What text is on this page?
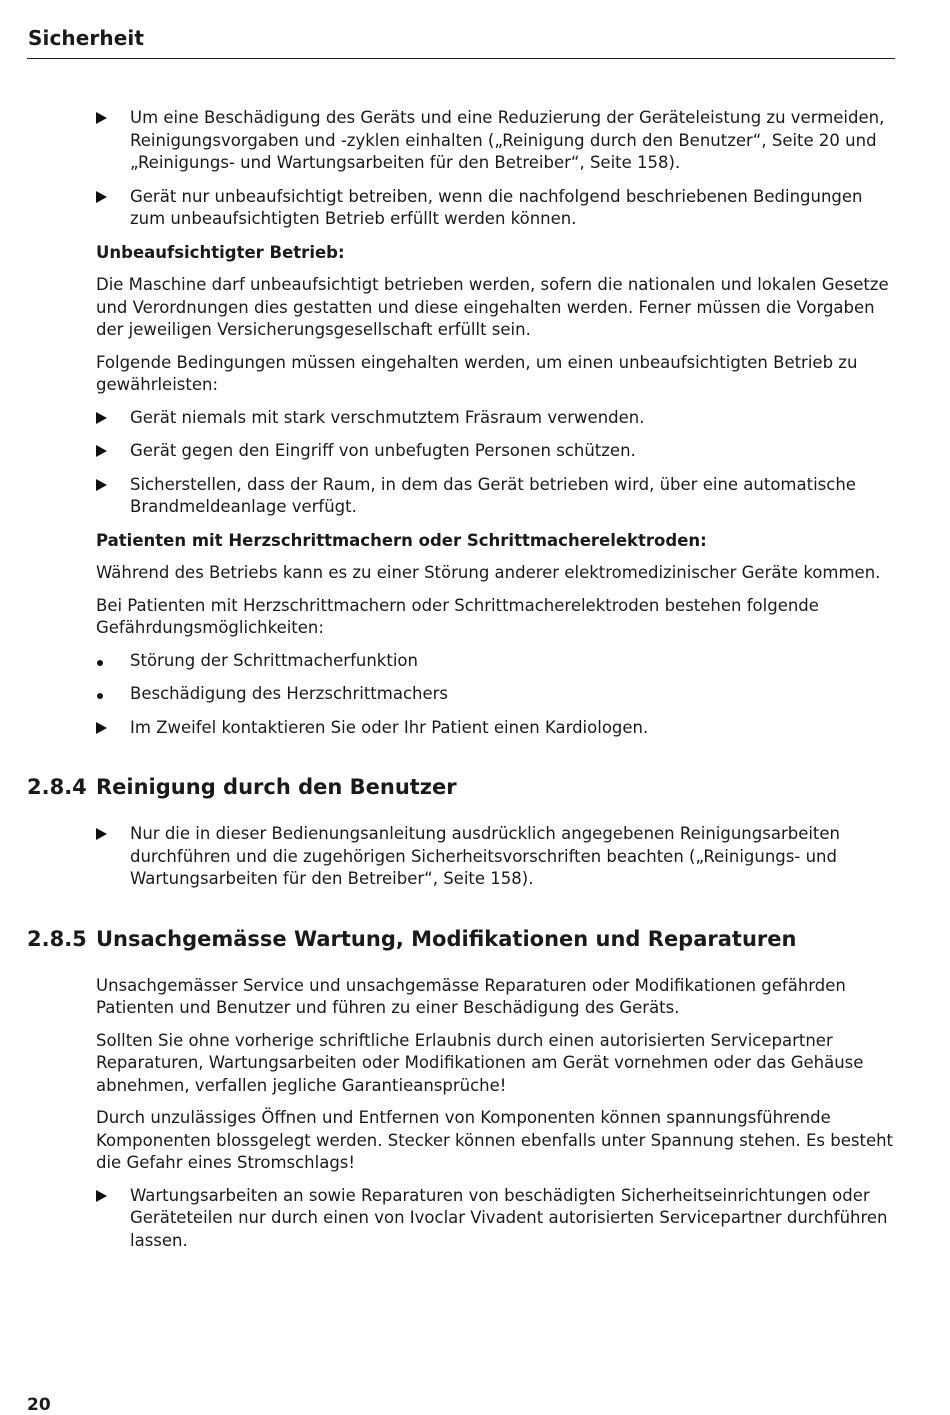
Sicherheit
Um eine Beschädigung des Geräts und eine Reduzierung der Geräteleistung zu vermeiden, Reinigungsvorgaben und -zyklen einhalten („Reinigung durch den Benutzer“, Seite 20 und „Reinigungs- und Wartungsarbeiten für den Betreiber“, Seite 158).
Gerät nur unbeaufsichtigt betreiben, wenn die nachfolgend beschriebenen Bedingungen zum unbeaufsichtigten Betrieb erfüllt werden können.

Unbeaufsichtigter Betrieb:

Die Maschine darf unbeaufsichtigt betrieben werden, sofern die nationalen und lokalen Gesetze und Verordnungen dies gestatten und diese eingehalten werden. Ferner müssen die Vorgaben der jeweiligen Versicherungsgesellschaft erfüllt sein.

Folgende Bedingungen müssen eingehalten werden, um einen unbeaufsichtigten Betrieb zu gewährleisten:

Gerät niemals mit stark verschmutztem Fräsraum verwenden.
Gerät gegen den Eingriff von unbefugten Personen schützen.
Sicherstellen, dass der Raum, in dem das Gerät betrieben wird, über eine automatische Brandmeldeanlage verfügt.

Patienten mit Herzschrittmachern oder Schrittmacherelektroden:

Während des Betriebs kann es zu einer Störung anderer elektromedizinischer Geräte kommen.

Bei Patienten mit Herzschrittmachern oder Schrittmacherelektroden bestehen folgende Gefährdungsmöglichkeiten:

Störung der Schrittmacherfunktion
Beschädigung des Herzschrittmachers
Im Zweifel kontaktieren Sie oder Ihr Patient einen Kardiologen.
2.8.4 Reinigung durch den Benutzer
Nur die in dieser Bedienungsanleitung ausdrücklich angegebenen Reinigungsarbeiten durchführen und die zugehörigen Sicherheitsvorschriften beachten („Reinigungs- und Wartungsarbeiten für den Betreiber“, Seite 158).
2.8.5 Unsachgemässe Wartung, Modifikationen und Reparaturen

Unsachgemässer Service und unsachgemässe Reparaturen oder Modifikationen gefährden Patienten und Benutzer und führen zu einer Beschädigung des Geräts.

Sollten Sie ohne vorherige schriftliche Erlaubnis durch einen autorisierten Servicepartner Reparaturen, Wartungsarbeiten oder Modifikationen am Gerät vornehmen oder das Gehäuse abnehmen, verfallen jegliche Garantieansprüche!

Durch unzulässiges Öffnen und Entfernen von Komponenten können spannungsführende Komponenten blossgelegt werden. Stecker können ebenfalls unter Spannung stehen. Es besteht die Gefahr eines Stromschlags!

Wartungsarbeiten an sowie Reparaturen von beschädigten Sicherheitseinrichtungen oder Geräteteilen nur durch einen von Ivoclar Vivadent autorisierten Servicepartner durchführen lassen.
20
